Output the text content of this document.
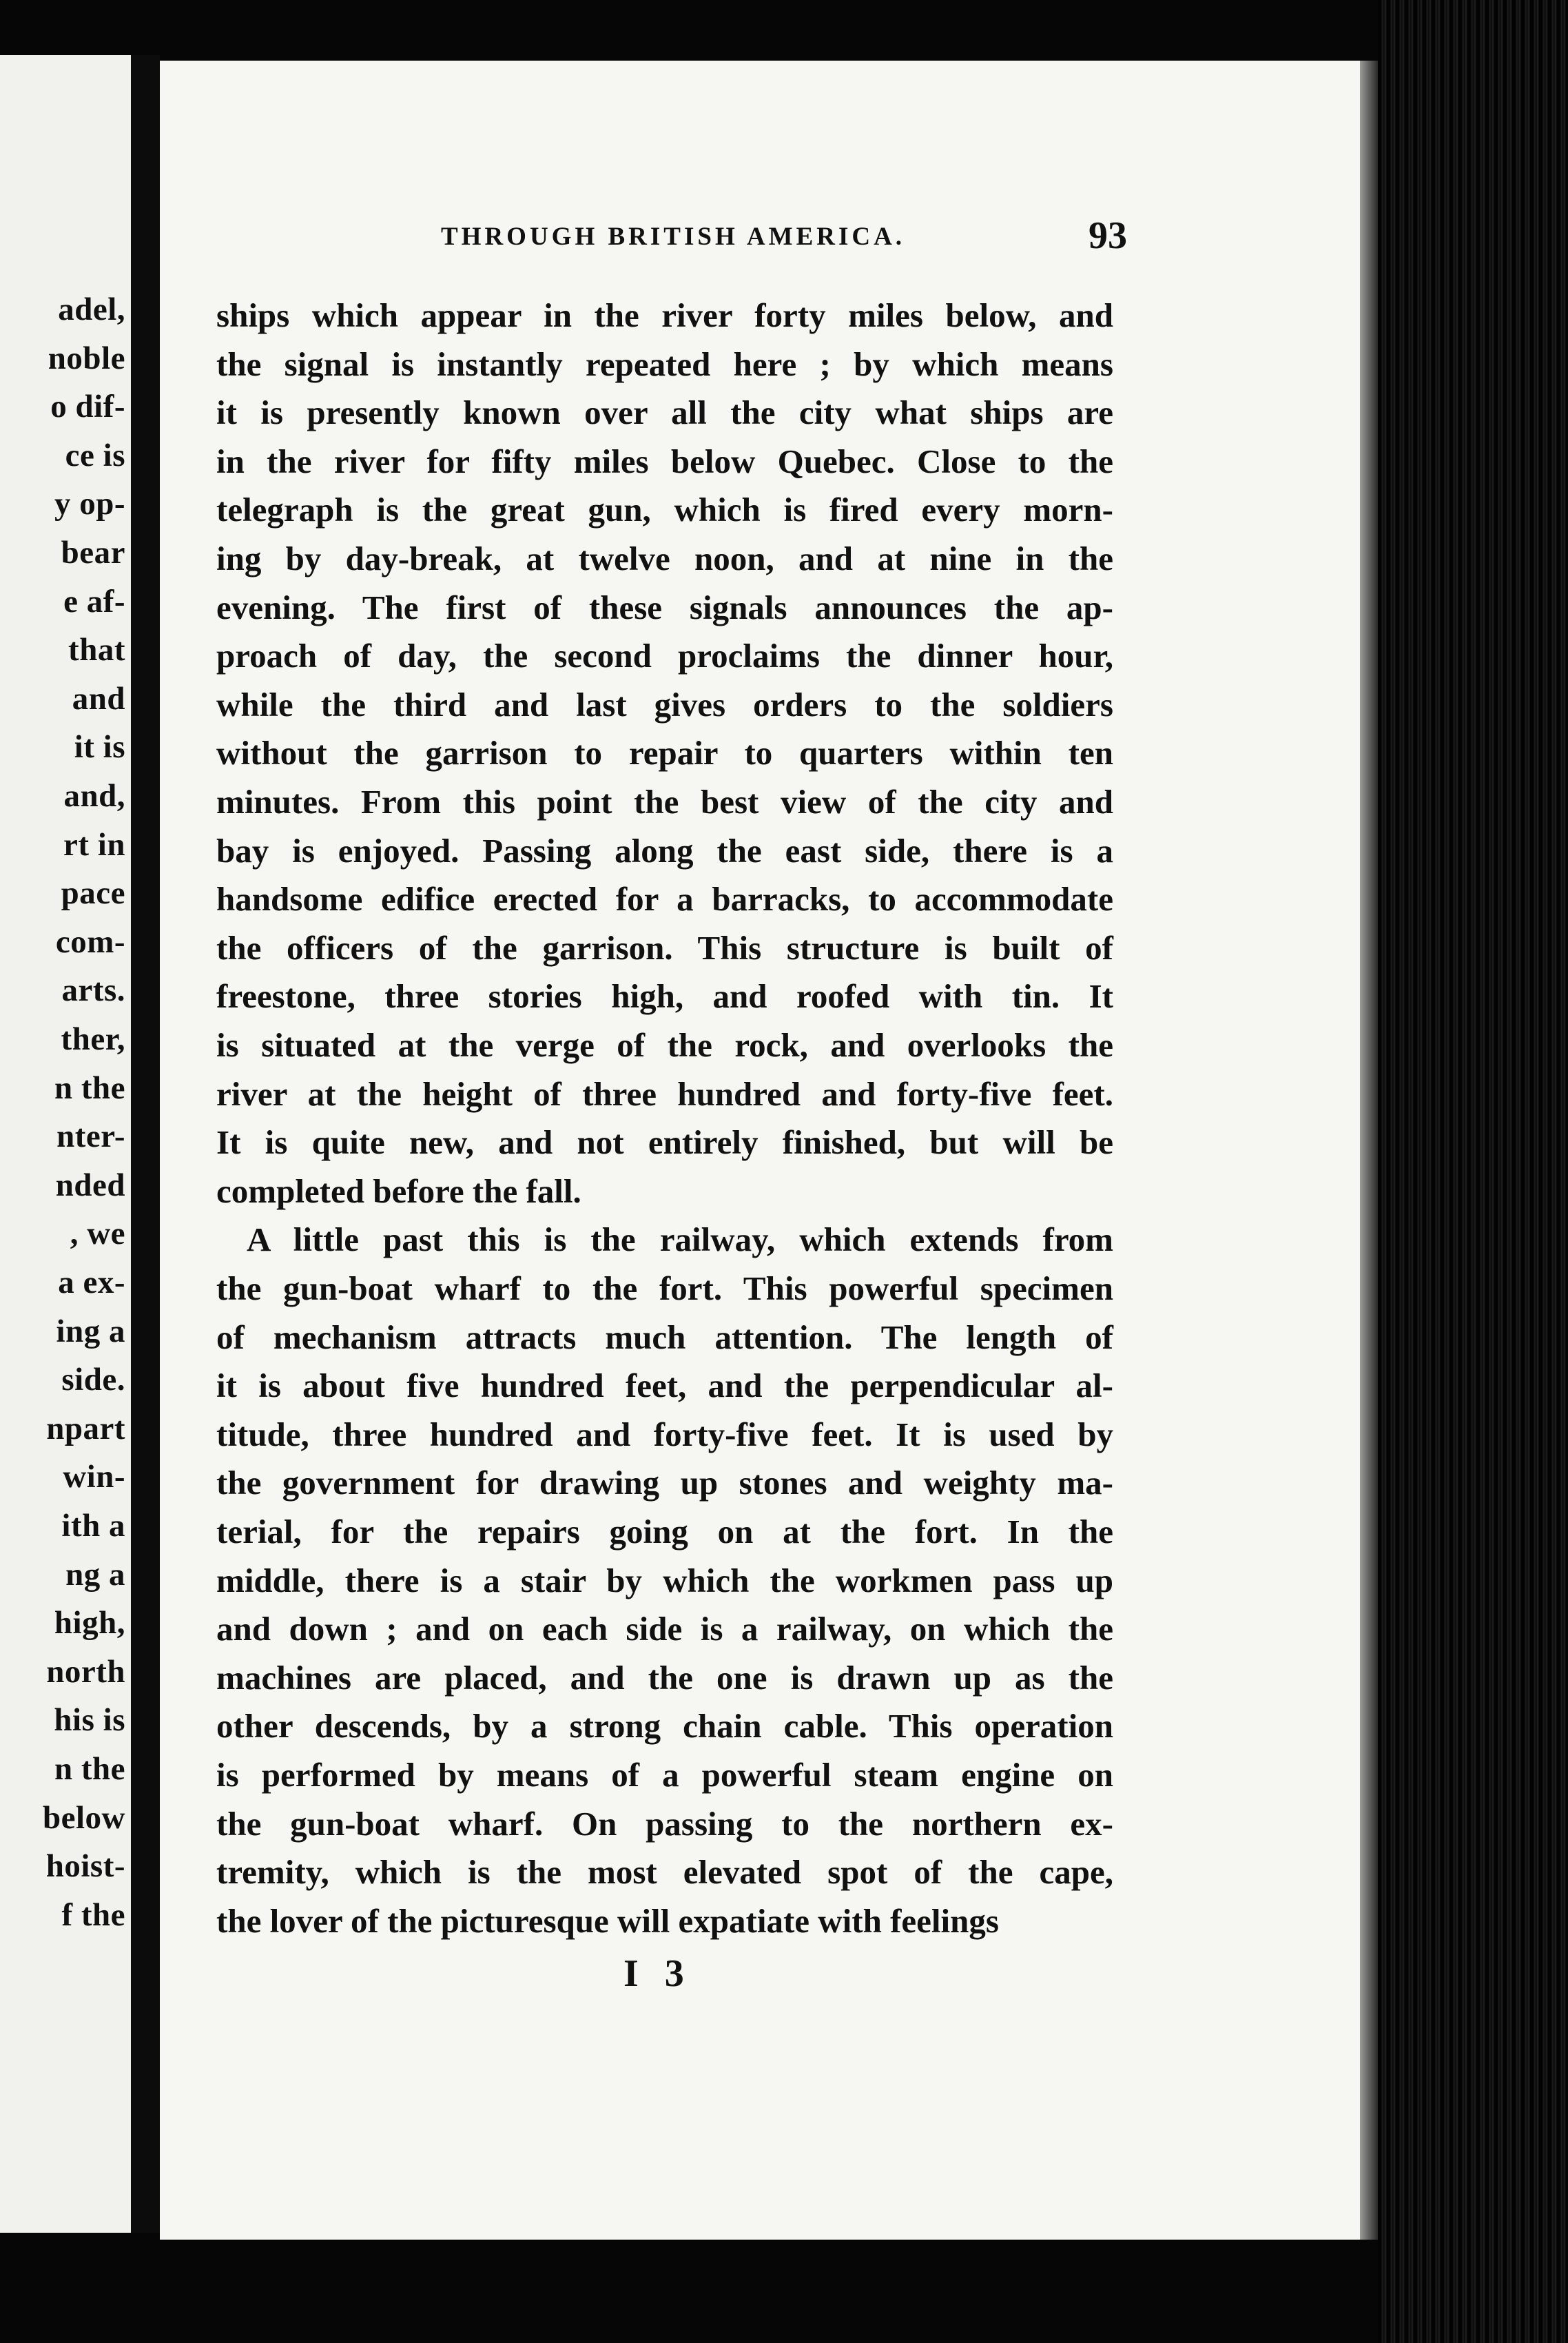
adel,
noble
o dif-
ce is
y op-
bear
e af-
that
and
it is
and,
rt in
pace
com-
arts.
ther,
n the
nter-
nded
, we
a ex-
ing a
side.
npart
win-
ith a
ng a
high,
north
his is
n the
below
hoist-
f the
THROUGH BRITISH AMERICA.	93
ships which appear in the river forty miles below, and
the signal is instantly repeated here ; by which means
it is presently known over all the city what ships are
in the river for fifty miles below Quebec. Close to the
telegraph is the great gun, which is fired every morn-
ing by day-break, at twelve noon, and at nine in the
evening. The first of these signals announces the ap-
proach of day, the second proclaims the dinner hour,
while the third and last gives orders to the soldiers
without the garrison to repair to quarters within ten
minutes. From this point the best view of the city and
bay is enjoyed. Passing along the east side, there is a
handsome edifice erected for a barracks, to accommodate
the officers of the garrison. This structure is built of
freestone, three stories high, and roofed with tin. It
is situated at the verge of the rock, and overlooks the
river at the height of three hundred and forty-five feet.
It is quite new, and not entirely finished, but will be
completed before the fall.
A little past this is the railway, which extends from
the gun-boat wharf to the fort. This powerful specimen
of mechanism attracts much attention. The length of
it is about five hundred feet, and the perpendicular al-
titude, three hundred and forty-five feet. It is used by
the government for drawing up stones and weighty ma-
terial, for the repairs going on at the fort. In the
middle, there is a stair by which the workmen pass up
and down ; and on each side is a railway, on which the
machines are placed, and the one is drawn up as the
other descends, by a strong chain cable. This operation
is performed by means of a powerful steam engine on
the gun-boat wharf. On passing to the northern ex-
tremity, which is the most elevated spot of the cape,
the lover of the picturesque will expatiate with feelings
I 3
